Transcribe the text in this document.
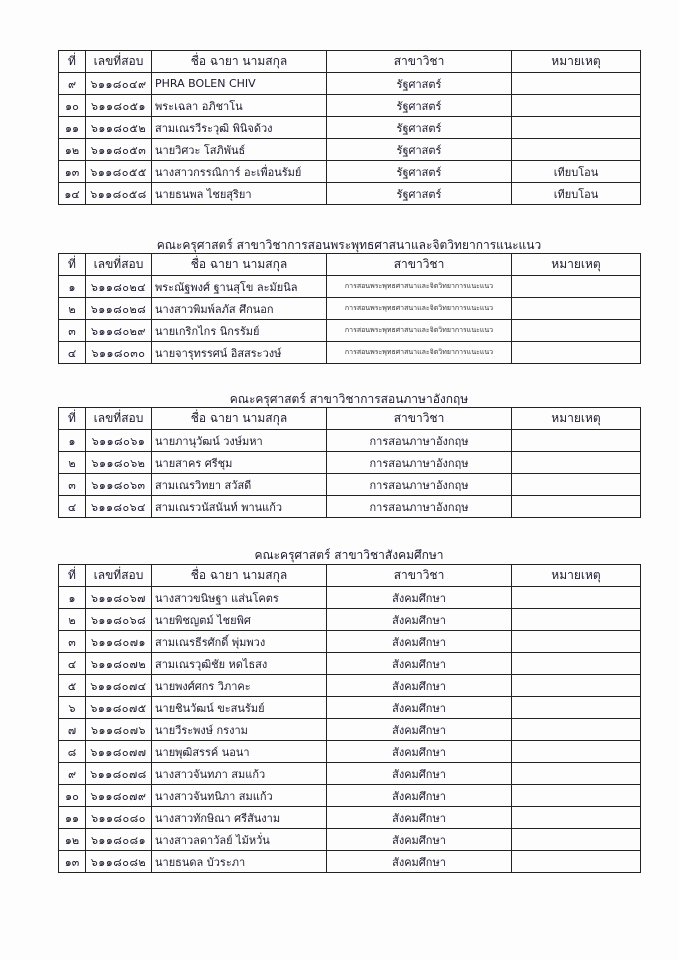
ที่	เลขที่สอบ	ชื่อ ฉายา นามสกุล	สาขาวิชา	หมายเหตุ
๙	๖๑๑๘๐๔๙	PHRA BOLEN CHIV	รัฐศาสตร์	
๑๐	๖๑๑๘๐๕๑	พระเฉลา อภิชาโน	รัฐศาสตร์	
๑๑	๖๑๑๘๐๕๒	สามเณรวีระวุฒิ พินิจด้วง	รัฐศาสตร์	
๑๒	๖๑๑๘๐๕๓	นายวิศวะ โสภิพันธ์	รัฐศาสตร์	
๑๓	๖๑๑๘๐๕๕	นางสาวกรรณิการ์ อะเพื่อนรัมย์	รัฐศาสตร์	เทียบโอน
๑๔	๖๑๑๘๐๕๘	นายธนพล ไชยสุริยา	รัฐศาสตร์	เทียบโอน
คณะครุศาสตร์ สาขาวิชาการสอนพระพุทธศาสนาและจิตวิทยาการแนะแนว
ที่	เลขที่สอบ	ชื่อ ฉายา นามสกุล	สาขาวิชา	หมายเหตุ
๑	๖๑๑๘๐๒๔	พระณัฐพงศ์ ฐานสุโข ละมัยนิล	การสอนพระพุทธศาสนาและจิตวิทยาการแนะแนว	
๒	๖๑๑๘๐๒๘	นางสาวพิมพ์ลภัส ศึกนอก	การสอนพระพุทธศาสนาและจิตวิทยาการแนะแนว	
๓	๖๑๑๘๐๒๙	นายเกริกไกร นิกรรัมย์	การสอนพระพุทธศาสนาและจิตวิทยาการแนะแนว	
๔	๖๑๑๘๐๓๐	นายจารุทรรศน์ อิสสระวงษ์	การสอนพระพุทธศาสนาและจิตวิทยาการแนะแนว	
คณะครุศาสตร์ สาขาวิชาการสอนภาษาอังกฤษ
ที่	เลขที่สอบ	ชื่อ ฉายา นามสกุล	สาขาวิชา	หมายเหตุ
๑	๖๑๑๘๐๖๑	นายภานุวัฒน์ วงษ์มหา	การสอนภาษาอังกฤษ	
๒	๖๑๑๘๐๖๒	นายสาคร ศรีชุม	การสอนภาษาอังกฤษ	
๓	๖๑๑๘๐๖๓	สามเณรวิทยา สวัสดี	การสอนภาษาอังกฤษ	
๔	๖๑๑๘๐๖๔	สามเณรวนัสนันท์ พานแก้ว	การสอนภาษาอังกฤษ	
คณะครุศาสตร์ สาขาวิชาสังคมศึกษา
ที่	เลขที่สอบ	ชื่อ ฉายา นามสกุล	สาขาวิชา	หมายเหตุ
๑	๖๑๑๘๐๖๗	นางสาวขนิษฐา แส่นโคตร	สังคมศึกษา	
๒	๖๑๑๘๐๖๘	นายพิชญตม์ ไชยพิศ	สังคมศึกษา	
๓	๖๑๑๘๐๗๑	สามเณรธีรศักดิ์ พุ่มพวง	สังคมศึกษา	
๔	๖๑๑๘๐๗๒	สามเณรวุฒิชัย หดไธสง	สังคมศึกษา	
๕	๖๑๑๘๐๗๔	นายพงศ์ศกร วิภาคะ	สังคมศึกษา	
๖	๖๑๑๘๐๗๕	นายชินวัฒน์ ขะสนรัมย์	สังคมศึกษา	
๗	๖๑๑๘๐๗๖	นายวีระพงษ์ กรงาม	สังคมศึกษา	
๘	๖๑๑๘๐๗๗	นายพุฒิสรรค์ นอนา	สังคมศึกษา	
๙	๖๑๑๘๐๗๘	นางสาวจันทภา สมแก้ว	สังคมศึกษา	
๑๐	๖๑๑๘๐๗๙	นางสาวจันทนิภา สมแก้ว	สังคมศึกษา	
๑๑	๖๑๑๘๐๘๐	นางสาวทักษิณา ศรีสันงาม	สังคมศึกษา	
๑๒	๖๑๑๘๐๘๑	นางสาวลดาวัลย์ ไม้หวั่น	สังคมศึกษา	
๑๓	๖๑๑๘๐๘๒	นายธนดล บัวระภา	สังคมศึกษา	
